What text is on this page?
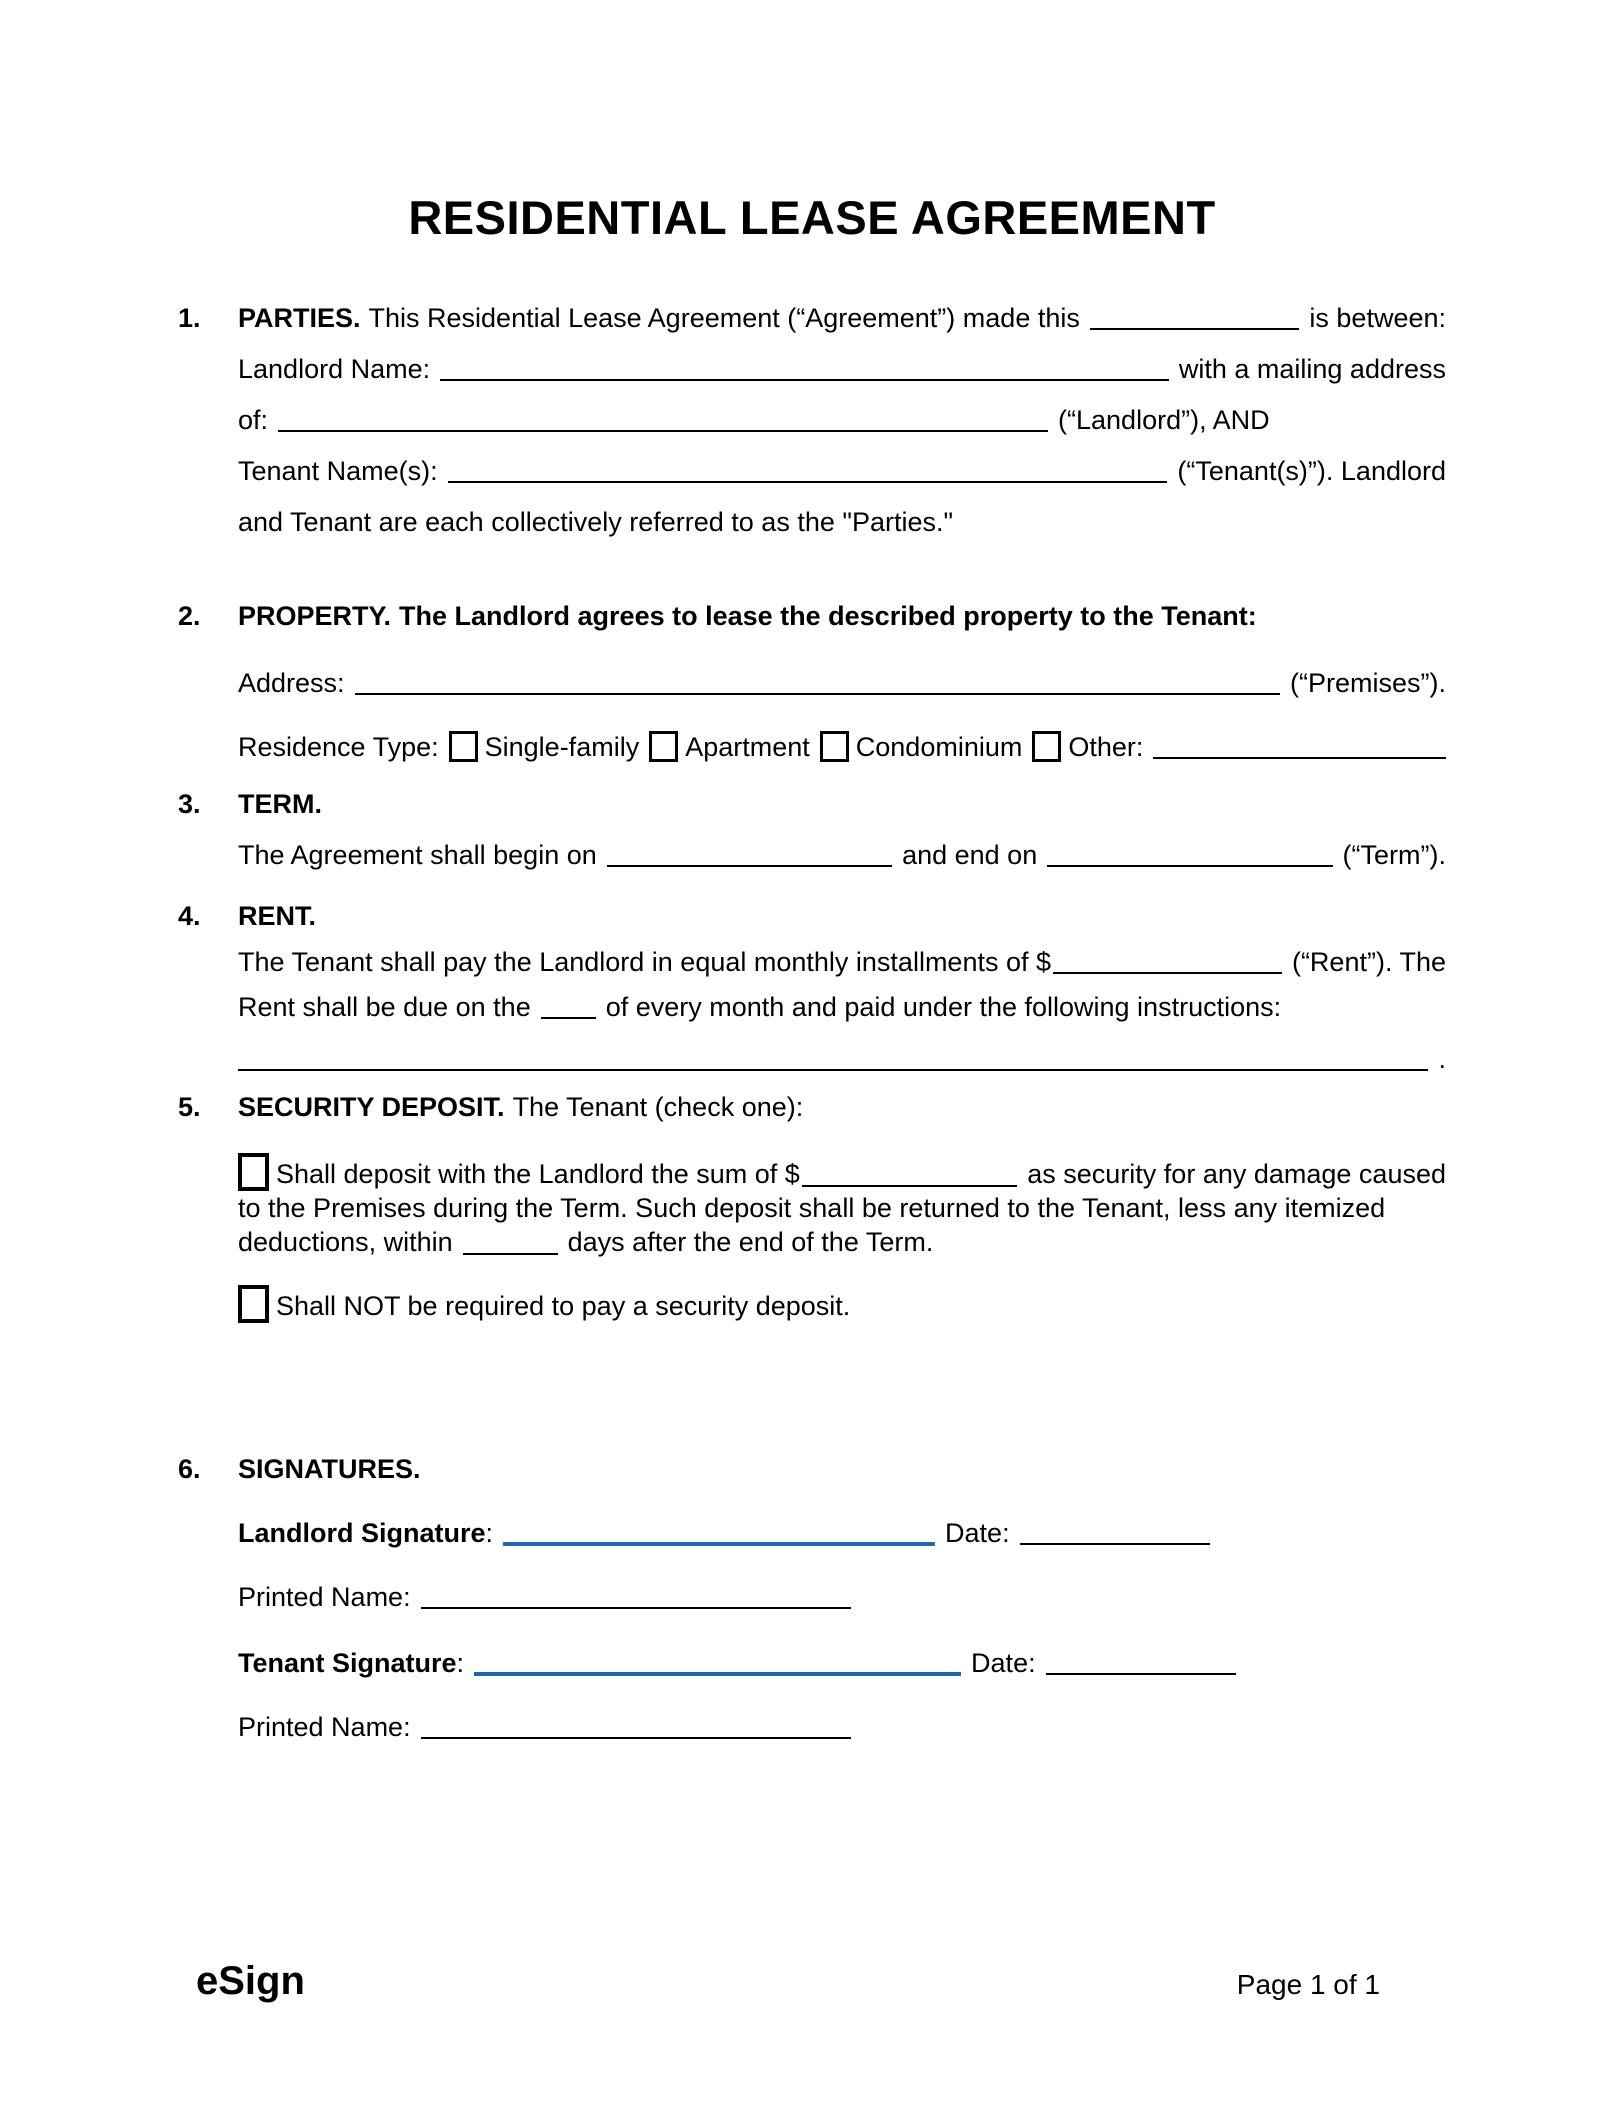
RESIDENTIAL LEASE AGREEMENT
1.	PARTIES. This Residential Lease Agreement (“Agreement”) made this	is between:
Landlord Name:	with a mailing address
of:	(“Landlord”), AND
Tenant Name(s):	(“Tenant(s)”). Landlord
and Tenant are each collectively referred to as the "Parties."
2.	PROPERTY. The Landlord agrees to lease the described property to the Tenant:
Address:	(“Premises”).
Residence Type: Single-family Apartment Condominium Other:
3.	TERM.
The Agreement shall begin on	and end on	(“Term”).
4.	RENT.
The Tenant shall pay the Landlord in equal monthly installments of $	(“Rent”). The
Rent shall be due on the	of every month and paid under the following instructions:
.
5.	SECURITY DEPOSIT. The Tenant (check one):
Shall deposit with the Landlord the sum of $	as security for any damage caused
to the Premises during the Term. Such deposit shall be returned to the Tenant, less any itemized
deductions, within	days after the end of the Term.
Shall NOT be required to pay a security deposit.
6.	SIGNATURES.
Landlord Signature :	Date:
Printed Name:
Tenant Signature :	Date:
Printed Name:
eSign	Page 1 of 1
